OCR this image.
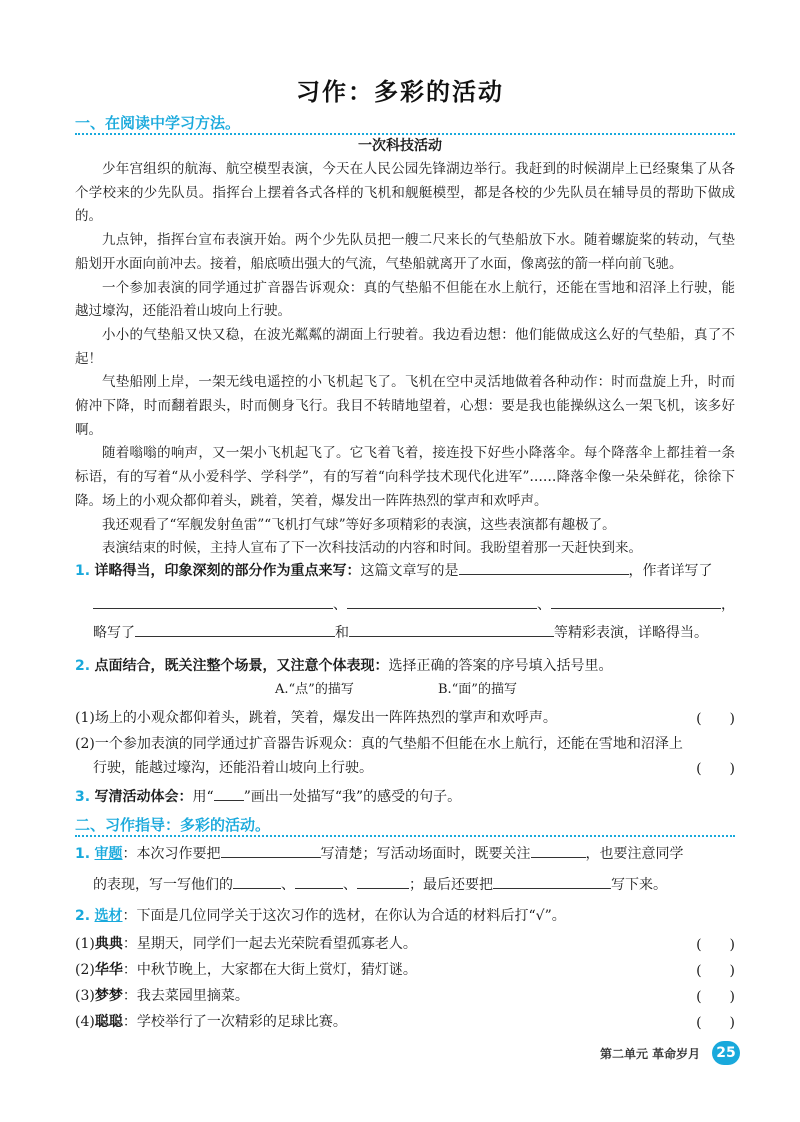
习作：多彩的活动
一、在阅读中学习方法。
一次科技活动

少年宫组织的航海、航空模型表演，今天在人民公园先锋湖边举行。我赶到的时候湖岸上已经聚集了从各个学校来的少先队员。指挥台上摆着各式各样的飞机和舰艇模型，都是各校的少先队员在辅导员的帮助下做成的。

九点钟，指挥台宣布表演开始。两个少先队员把一艘二尺来长的气垫船放下水。随着螺旋桨的转动，气垫船划开水面向前冲去。接着，船底喷出强大的气流，气垫船就离开了水面，像离弦的箭一样向前飞驰。

一个参加表演的同学通过扩音器告诉观众：真的气垫船不但能在水上航行，还能在雪地和沼泽上行驶，能越过壕沟，还能沿着山坡向上行驶。

小小的气垫船又快又稳，在波光粼粼的湖面上行驶着。我边看边想：他们能做成这么好的气垫船，真了不起！

气垫船刚上岸，一架无线电遥控的小飞机起飞了。飞机在空中灵活地做着各种动作：时而盘旋上升，时而俯冲下降，时而翻着跟头，时而侧身飞行。我目不转睛地望着，心想：要是我也能操纵这么一架飞机，该多好啊。

随着嗡嗡的响声，又一架小飞机起飞了。它飞着飞着，接连投下好些小降落伞。每个降落伞上都挂着一条标语，有的写着“从小爱科学、学科学”，有的写着“向科学技术现代化进军”……降落伞像一朵朵鲜花，徐徐下降。场上的小观众都仰着头，跳着，笑着，爆发出一阵阵热烈的掌声和欢呼声。

我还观看了“军舰发射鱼雷”“飞机打气球”等好多项精彩的表演，这些表演都有趣极了。

表演结束的时候，主持人宣布了下一次科技活动的内容和时间。我盼望着那一天赶快到来。

1. 详略得当，印象深刻的部分作为重点来写：这篇文章写的是	，作者详写了
、	、	，
略写了	和	等精彩表演，详略得当。
2. 点面结合，既关注整个场景，又注意个体表现：选择正确的答案的序号填入括号里。
A.“点”的描写	B.“面”的描写
(1)场上的小观众都仰着头，跳着，笑着，爆发出一阵阵热烈的掌声和欢呼声。	(　　)
(2)一个参加表演的同学通过扩音器告诉观众：真的气垫船不但能在水上航行，还能在雪地和沼泽上
行驶，能越过壕沟，还能沿着山坡向上行驶。	(　　)
3. 写清活动体会：用“ ”画出一处描写“我”的感受的句子。
二、习作指导：多彩的活动。
1. 审题：本次习作要把	写清楚；写活动场面时，既要关注	，也要注意同学
的表现，写一写他们的	、	、	；最后还要把	写下来。
2. 选材：下面是几位同学关于这次习作的选材，在你认为合适的材料后打“√”。
(1)典典：星期天，同学们一起去光荣院看望孤寡老人。	(　　)
(2)华华：中秋节晚上，大家都在大街上赏灯，猜灯谜。	(　　)
(3)梦梦：我去菜园里摘菜。	(　　)
(4)聪聪：学校举行了一次精彩的足球比赛。	(　　)
第二单元 革命岁月	25
